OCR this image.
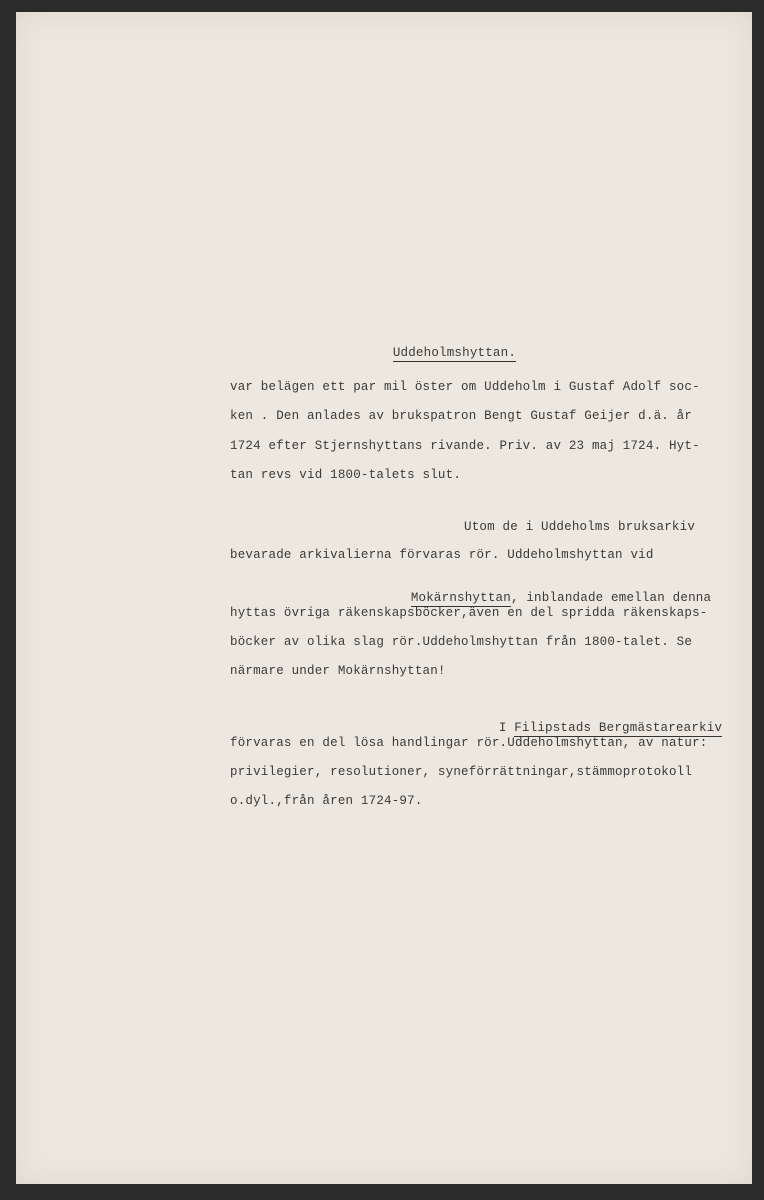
Uddeholmshyttan.

var belägen ett par mil öster om Uddeholm i Gustaf Adolf soc-
ken . Den anlades av brukspatron Bengt Gustaf Geijer d.ä. år
1724 efter Stjernshyttans rivande. Priv. av 23 maj 1724. Hyt-
tan revs vid 1800-talets slut.
Utom de i Uddeholms bruksarkiv
bevarade arkivalierna förvaras rör. Uddeholmshyttan vid

Mokärnshyttan, inblandade emellan denna

hyttas övriga räkenskapsböcker,även en del spridda räkenskaps-
böcker av olika slag rör.Uddeholmshyttan från 1800-talet. Se
närmare under Mokärnshyttan!

I Filipstads Bergmästarearkiv

förvaras en del lösa handlingar rör.Uddeholmshyttan, av natur:
privilegier, resolutioner, syneförrättningar,stämmoprotokoll
o.dyl.,från åren 1724-97.
